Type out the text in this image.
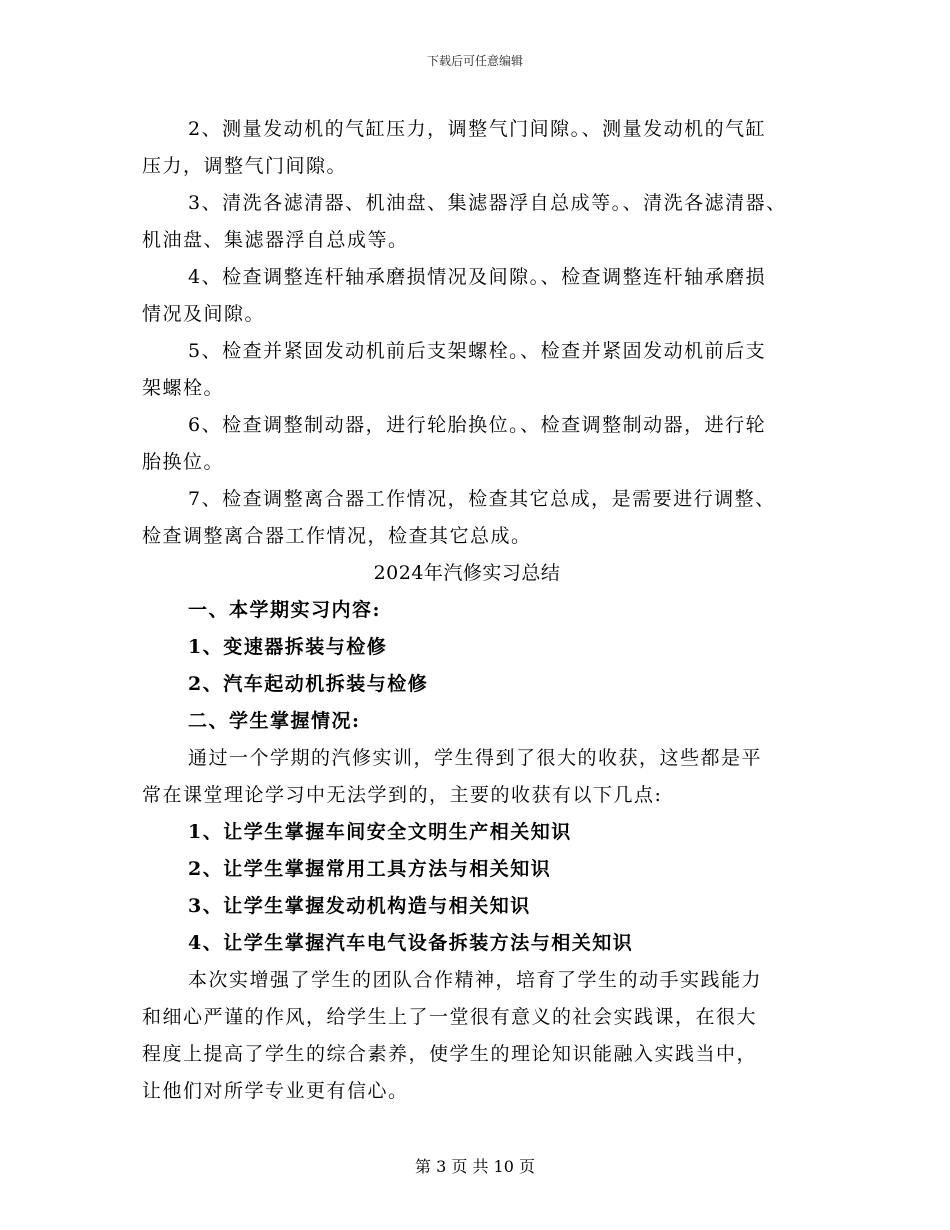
下载后可任意编辑
2、测量发动机的气缸压力，调整气门间隙。、测量发动机的气缸
压力，调整气门间隙。
3、清洗各滤清器、机油盘、集滤器浮自总成等。、清洗各滤清器、
机油盘、集滤器浮自总成等。
4、检查调整连杆轴承磨损情况及间隙。、检查调整连杆轴承磨损
情况及间隙。
5、检查并紧固发动机前后支架螺栓。、检查并紧固发动机前后支
架螺栓。
6、检查调整制动器，进行轮胎换位。、检查调整制动器，进行轮
胎换位。
7、检查调整离合器工作情况，检查其它总成，是需要进行调整、
检查调整离合器工作情况，检查其它总成。
2024年汽修实习总结
一、本学期实习内容:
1、变速器拆装与检修
2、汽车起动机拆装与检修
二、学生掌握情况:
通过一个学期的汽修实训，学生得到了很大的收获，这些都是平
常在课堂理论学习中无法学到的，主要的收获有以下几点:
1、让学生掌握车间安全文明生产相关知识
2、让学生掌握常用工具方法与相关知识
3、让学生掌握发动机构造与相关知识
4、让学生掌握汽车电气设备拆装方法与相关知识
本次实增强了学生的团队合作精神，培育了学生的动手实践能力
和细心严谨的作风，给学生上了一堂很有意义的社会实践课，在很大
程度上提高了学生的综合素养，使学生的理论知识能融入实践当中，
让他们对所学专业更有信心。
第 3 页 共 10 页
